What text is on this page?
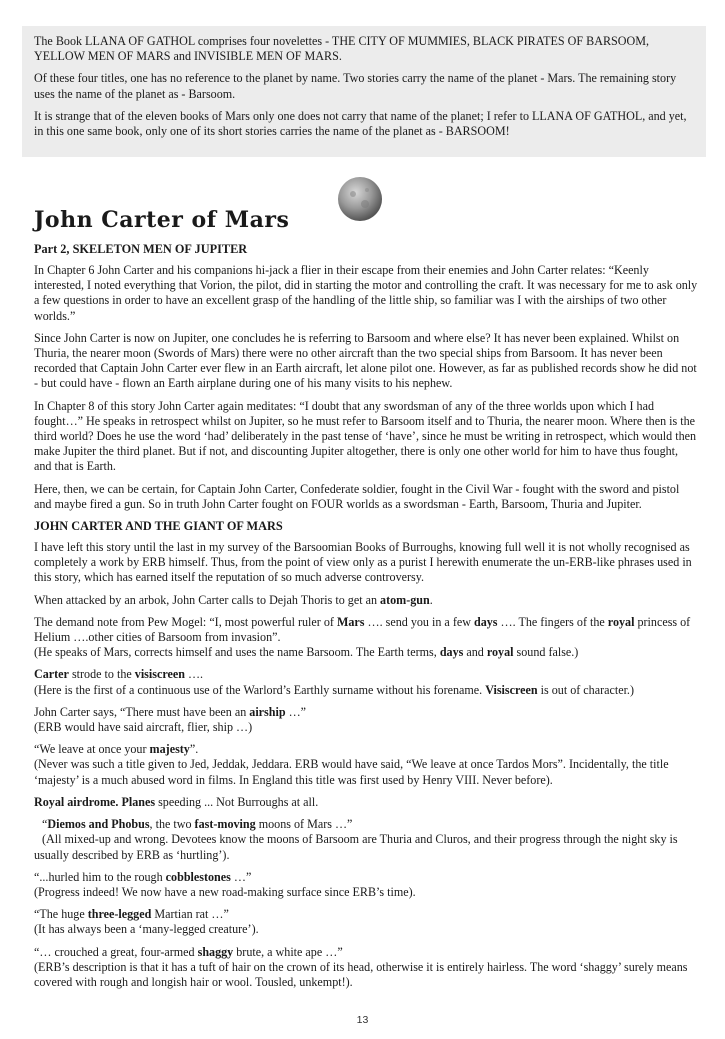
The Book LLANA OF GATHOL comprises four novelettes - THE CITY OF MUMMIES, BLACK PIRATES OF BARSOOM, YELLOW MEN OF MARS and INVISIBLE MEN OF MARS.

Of these four titles, one has no reference to the planet by name. Two stories carry the name of the planet - Mars. The remaining story uses the name of the planet as - Barsoom.

It is strange that of the eleven books of Mars only one does not carry that name of the planet; I refer to LLANA OF GATHOL, and yet, in this one same book, only one of its short stories carries the name of the planet as - BARSOOM!

John Carter of Mars

Part 2, SKELETON MEN OF JUPITER

In Chapter 6 John Carter and his companions hi-jack a flier in their escape from their enemies and John Carter relates: “Keenly interested, I noted everything that Vorion, the pilot, did in starting the motor and controlling the craft. It was necessary for me to ask only a few questions in order to have an excellent grasp of the handling of the little ship, so familiar was I with the airships of two other worlds.”

Since John Carter is now on Jupiter, one concludes he is referring to Barsoom and where else? It has never been explained. Whilst on Thuria, the nearer moon (Swords of Mars) there were no other aircraft than the two special ships from Barsoom. It has never been recorded that Captain John Carter ever flew in an Earth aircraft, let alone pilot one. However, as far as published records show he did not - but could have - flown an Earth airplane during one of his many visits to his nephew.

In Chapter 8 of this story John Carter again meditates: “I doubt that any swordsman of any of the three worlds upon which I had fought…” He speaks in retrospect whilst on Jupiter, so he must refer to Barsoom itself and to Thuria, the nearer moon. Where then is the third world? Does he use the word ‘had’ deliberately in the past tense of ‘have’, since he must be writing in retrospect, which would then make Jupiter the third planet. But if not, and discounting Jupiter altogether, there is only one other world for him to have thus fought, and that is Earth.

Here, then, we can be certain, for Captain John Carter, Confederate soldier, fought in the Civil War - fought with the sword and pistol and maybe fired a gun. So in truth John Carter fought on FOUR worlds as a swordsman - Earth, Barsoom, Thuria and Jupiter.

JOHN CARTER AND THE GIANT OF MARS

I have left this story until the last in my survey of the Barsoomian Books of Burroughs, knowing full well it is not wholly recognised as completely a work by ERB himself. Thus, from the point of view only as a purist I herewith enumerate the un-ERB-like phrases used in this story, which has earned itself the reputation of so much adverse controversy.

When attacked by an arbok, John Carter calls to Dejah Thoris to get an atom-gun.

The demand note from Pew Mogel: “I, most powerful ruler of Mars …. send you in a few days …. The fingers of the royal princess of Helium ….other cities of Barsoom from invasion”.
(He speaks of Mars, corrects himself and uses the name Barsoom. The Earth terms, days and royal sound false.)

Carter strode to the visiscreen ….
(Here is the first of a continuous use of the Warlord’s Earthly surname without his forename. Visiscreen is out of character.)

John Carter says, “There must have been an airship …”
(ERB would have said aircraft, flier, ship …)

“We leave at once your majesty”.
(Never was such a title given to Jed, Jeddak, Jeddara. ERB would have said, “We leave at once Tardos Mors”. Incidentally, the title ‘majesty’ is a much abused word in films. In England this title was first used by Henry VIII. Never before).

Royal airdrome. Planes speeding ... Not Burroughs at all.

“Diemos and Phobus, the two fast-moving moons of Mars …”
(All mixed-up and wrong. Devotees know the moons of Barsoom are Thuria and Cluros, and their progress through the night sky is usually described by ERB as ‘hurtling’).

“...hurled him to the rough cobblestones …”
(Progress indeed! We now have a new road-making surface since ERB’s time).

“The huge three-legged Martian rat …”
(It has always been a ‘many-legged creature’).

“… crouched a great, four-armed shaggy brute, a white ape …”
(ERB’s description is that it has a tuft of hair on the crown of its head, otherwise it is entirely hairless. The word ‘shaggy’ surely means covered with rough and longish hair or wool. Tousled, unkempt!).

13
